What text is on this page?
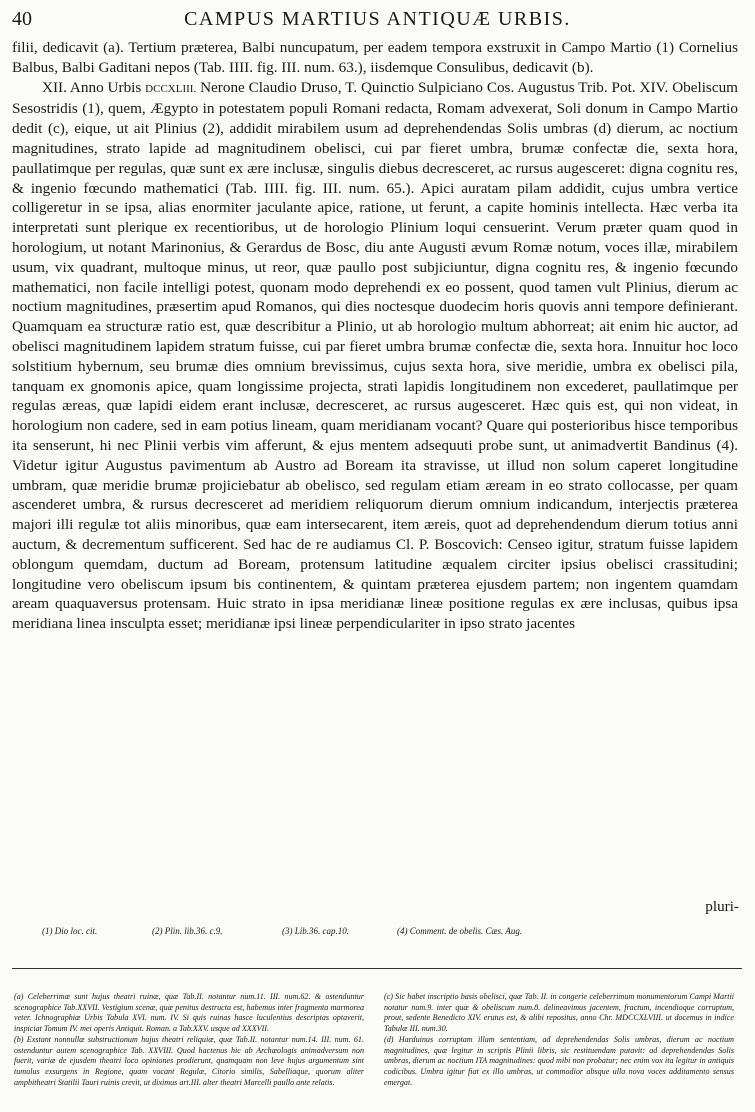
40	CAMPUS MARTIUS ANTIQUÆ URBIS.

filii, dedicavit (a). Tertium præterea, Balbi nuncupatum, per eadem tempora exstruxit in Campo Martio (1) Cornelius Balbus, Balbi Gaditani nepos (Tab. IIII. fig. III. num. 63.), iisdemque Consulibus, dedicavit (b).

XII. Anno Urbis DCCXLIII. Nerone Claudio Druso, T. Quinctio Sulpiciano Cos. Augustus Trib. Pot. XIV. Obeliscum Sesostridis (1), quem, Ægypto in potestatem populi Romani redacta, Romam advexerat, Soli donum in Campo Martio dedit (c), eique, ut ait Plinius (2), addidit mirabilem usum ad deprehendendas Solis umbras (d) dierum, ac noctium magnitudines, strato lapide ad magnitudinem obelisci, cui par fieret umbra, brumæ confectæ die, sexta hora, paullatimque per regulas, quæ sunt ex ære inclusæ, singulis diebus decresceret, ac rursus augesceret: digna cognitu res, & ingenio fœcundo mathematici (Tab. IIII. fig. III. num. 65.). Apici auratam pilam addidit, cujus umbra vertice colligeretur in se ipsa, alias enormiter jaculante apice, ratione, ut ferunt, a capite hominis intellecta. Hæc verba ita interpretati sunt plerique ex recentioribus, ut de horologio Plinium loqui censuerint. Verum præter quam quod in horologium, ut notant Marinonius, & Gerardus de Bosc, diu ante Augusti ævum Romæ notum, voces illæ, mirabilem usum, vix quadrant, multoque minus, ut reor, quæ paullo post subjiciuntur, digna cognitu res, & ingenio fœcundo mathematici, non facile intelligi potest, quonam modo deprehendi ex eo possent, quod tamen vult Plinius, dierum ac noctium magnitudines, præsertim apud Romanos, qui dies noctesque duodecim horis quovis anni tempore definierant. Quamquam ea structuræ ratio est, quæ describitur a Plinio, ut ab horologio multum abhorreat; ait enim hic auctor, ad obelisci magnitudinem lapidem stratum fuisse, cui par fieret umbra brumæ confectæ die, sexta hora. Innuitur hoc loco solstitium hybernum, seu brumæ dies omnium brevissimus, cujus sexta hora, sive meridie, umbra ex obelisci pila, tanquam ex gnomonis apice, quam longissime projecta, strati lapidis longitudinem non excederet, paullatimque per regulas æreas, quæ lapidi eidem erant inclusæ, decresceret, ac rursus augesceret. Hæc quis est, qui non videat, in horologium non cadere, sed in eam potius lineam, quam meridianam vocant? Quare qui posterioribus hisce temporibus ita senserunt, hi nec Plinii verbis vim afferunt, & ejus mentem adsequuti probe sunt, ut animadvertit Bandinus (4). Videtur igitur Augustus pavimentum ab Austro ad Boream ita stravisse, ut illud non solum caperet longitudine umbram, quæ meridie brumæ projiciebatur ab obelisco, sed regulam etiam æream in eo strato collocasse, per quam ascenderet umbra, & rursus decresceret ad meridiem reliquorum dierum omnium indicandum, interjectis præterea majori illi regulæ tot aliis minoribus, quæ eam intersecarent, item æreis, quot ad deprehendendum dierum totius anni auctum, & decrementum sufficerent. Sed hac de re audiamus Cl. P. Boscovich: Censeo igitur, stratum fuisse lapidem oblongum quemdam, ductum ad Boream, protensum latitudine æqualem circiter ipsius obelisci crassitudini; longitudine vero obeliscum ipsum bis continentem, & quintam præterea ejusdem partem; non ingentem quamdam aream quaquaversus protensam. Huic strato in ipsa meridianæ lineæ positione regulas ex ære inclusas, quibus ipsa meridiana linea insculpta esset; meridianæ ipsi lineæ perpendiculariter in ipso strato jacentes

pluri-
(1) Dio loc. cit.	(2) Plin. lib.36. c.9.	(3) Lib.36. cap.10.	(4) Comment. de obelis. Cæs. Aug.

(a) Celeberrimæ sunt hujus theatri ruinæ, quæ Tab.II. notantur num.11. III. num.62. & ostenduntur scenographice Tab.XXVII. Vestigium scenæ, quæ penitus destructa est, habemus inter fragmenta marmorea veter. Ichnographiæ Urbis Tabula XVI. num. IV. Si quis ruinas hasce luculentius descriptas optaverit, inspiciat Tomum IV. mei operis Antiquit. Roman. a Tab.XXV. usque ad XXXVII.

(b) Exstant nonnullæ substructionum hujus theatri reliquiæ, quæ Tab.II. notantur num.14. III. num. 61. ostenduntur autem scenographice Tab. XXVIII. Quod hactenus hic ab Archæologis animadversum non fuerit, variæ de ejusdem theatri loco opiniones prodierunt, quamquam non leve hujus argumentum sint tumulus exsurgens in Regione, quam vocant Regulæ, Citorio similis, Sabelliaque, quorum aliter ampbitheatri Statilii Tauri ruinis crevit, ut diximus art.III. alter theatri Marcelli paullo ante relatis.

(c) Sic habet inscriptio basis obelisci, quæ Tab. II. in congerie celeberrimum monumentorum Campi Martii notatur num.9. inter quæ & obeliscum num.8. delineavimus jacentem, fractum, incendioque corruptum, prout, sedente Benedicto XIV. erutus est, & alibi repositus, anno Chr. MDCCXLVIII. ut docemus in indice Tabulæ III. num.30.

(d) Harduinus corruptam illam sententiam, ad deprehendendas Solis umbras, dierum ac noctium magnitudines, quæ legitur in scriptis Plinii libris, sic restituendam putavit: ad deprehendendas Solis umbras, dierum ac noctium ITA magnitudines: quod mibi non probatur; nec enim vox ita legitur in antiquis codicibus. Umbra igitur fiat ex illo umbras, ut commodior absque ulla nova voces additamento sensus emergat.
